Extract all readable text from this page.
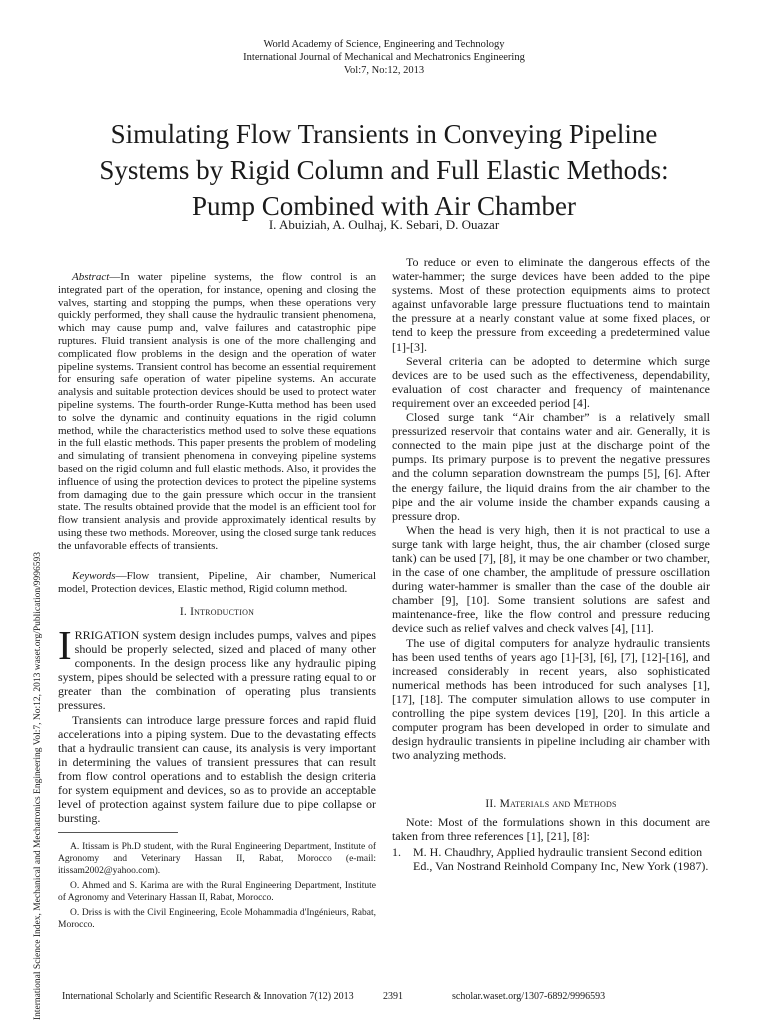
World Academy of Science, Engineering and Technology
International Journal of Mechanical and Mechatronics Engineering
Vol:7, No:12, 2013
Simulating Flow Transients in Conveying Pipeline
Systems by Rigid Column and Full Elastic Methods:
Pump Combined with Air Chamber
I. Abuiziah, A. Oulhaj, K. Sebari, D. Ouazar
International Science Index, Mechanical and Mechatronics Engineering Vol:7, No:12, 2013 waset.org/Publication/9996593

Abstract—In water pipeline systems, the flow control is an integrated part of the operation, for instance, opening and closing the valves, starting and stopping the pumps, when these operations very quickly performed, they shall cause the hydraulic transient phenomena, which may cause pump and, valve failures and catastrophic pipe ruptures. Fluid transient analysis is one of the more challenging and complicated flow problems in the design and the operation of water pipeline systems. Transient control has become an essential requirement for ensuring safe operation of water pipeline systems. An accurate analysis and suitable protection devices should be used to protect water pipeline systems. The fourth-order Runge-Kutta method has been used to solve the dynamic and continuity equations in the rigid column method, while the characteristics method used to solve these equations in the full elastic methods. This paper presents the problem of modeling and simulating of transient phenomena in conveying pipeline systems based on the rigid column and full elastic methods. Also, it provides the influence of using the protection devices to protect the pipeline systems from damaging due to the gain pressure which occur in the transient state. The results obtained provide that the model is an efficient tool for flow transient analysis and provide approximately identical results by using these two methods. Moreover, using the closed surge tank reduces the unfavorable effects of transients.

Keywords—Flow transient, Pipeline, Air chamber, Numerical model, Protection devices, Elastic method, Rigid column method.

I. Introduction

IRRIGATION system design includes pumps, valves and pipes should be properly selected, sized and placed of many other components. In the design process like any hydraulic piping system, pipes should be selected with a pressure rating equal to or greater than the combination of operating plus transients pressures.

Transients can introduce large pressure forces and rapid fluid accelerations into a piping system. Due to the devastating effects that a hydraulic transient can cause, its analysis is very important in determining the values of transient pressures that can result from flow control operations and to establish the design criteria for system equipment and devices, so as to provide an acceptable level of protection against system failure due to pipe collapse or bursting.

A. Itissam is Ph.D student, with the Rural Engineering Department, Institute of Agronomy and Veterinary Hassan II, Rabat, Morocco (e-mail: itissam2002@yahoo.com).

O. Ahmed and S. Karima are with the Rural Engineering Department, Institute of Agronomy and Veterinary Hassan II, Rabat, Morocco.

O. Driss is with the Civil Engineering, Ecole Mohammadia d'Ingénieurs, Rabat, Morocco.

To reduce or even to eliminate the dangerous effects of the water-hammer; the surge devices have been added to the pipe systems. Most of these protection equipments aims to protect against unfavorable large pressure fluctuations tend to maintain the pressure at a nearly constant value at some fixed places, or tend to keep the pressure from exceeding a predetermined value [1]-[3].

Several criteria can be adopted to determine which surge devices are to be used such as the effectiveness, dependability, evaluation of cost character and frequency of maintenance requirement over an exceeded period [4].

Closed surge tank “Air chamber” is a relatively small pressurized reservoir that contains water and air. Generally, it is connected to the main pipe just at the discharge point of the pumps. Its primary purpose is to prevent the negative pressures and the column separation downstream the pumps [5], [6]. After the energy failure, the liquid drains from the air chamber to the pipe and the air volume inside the chamber expands causing a pressure drop.

When the head is very high, then it is not practical to use a surge tank with large height, thus, the air chamber (closed surge tank) can be used [7], [8], it may be one chamber or two chamber, in the case of one chamber, the amplitude of pressure oscillation during water-hammer is smaller than the case of the double air chamber [9], [10]. Some transient solutions are safest and maintenance-free, like the flow control and pressure reducing device such as relief valves and check valves [4], [11].

The use of digital computers for analyze hydraulic transients has been used tenths of years ago [1]-[3], [6], [7], [12]-[16], and increased considerably in recent years, also sophisticated numerical methods has been introduced for such analyses [1], [17], [18]. The computer simulation allows to use computer in controlling the pipe system devices [19], [20]. In this article a computer program has been developed in order to simulate and design hydraulic transients in pipeline including air chamber with two analyzing methods.

II. Materials and Methods

Note: Most of the formulations shown in this document are taken from three references [1], [21], [8]:

1. M. H. Chaudhry, Applied hydraulic transient Second edition Ed., Van Nostrand Reinhold Company Inc, New York (1987).
International Scholarly and Scientific Research & Innovation 7(12) 2013	2391	scholar.waset.org/1307-6892/9996593
